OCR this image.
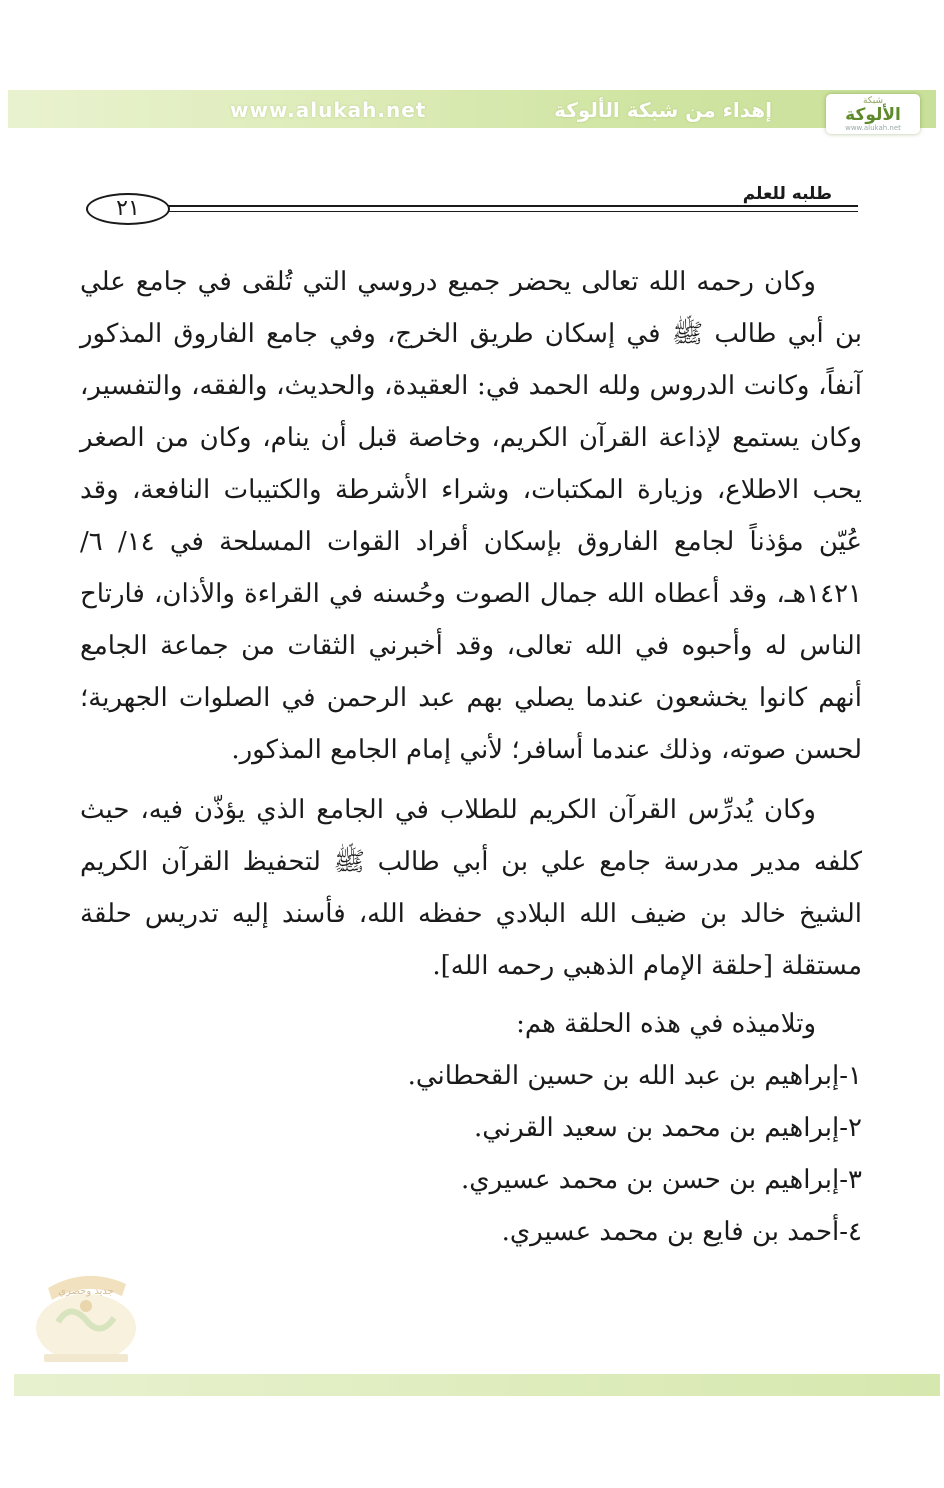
www.alukah.net	إهداء من شبكة الألوكة	شبكة
الألوكة
www.alukah.net
طلبه للعلم
٢١

وكان رحمه الله تعالى يحضر جميع دروسي التي تُلقى في جامع علي بن أبي طالب ﷺ في إسكان طريق الخرج، وفي جامع الفاروق المذكور آنفاً، وكانت الدروس ولله الحمد في: العقيدة، والحديث، والفقه، والتفسير، وكان يستمع لإذاعة القرآن الكريم، وخاصة قبل أن ينام، وكان من الصغر يحب الاطلاع، وزيارة المكتبات، وشراء الأشرطة والكتيبات النافعة، وقد عُيّن مؤذناً لجامع الفاروق بإسكان أفراد القوات المسلحة في ١٤/ ٦/ ١٤٢١هـ، وقد أعطاه الله جمال الصوت وحُسنه في القراءة والأذان، فارتاح الناس له وأحبوه في الله تعالى، وقد أخبرني الثقات من جماعة الجامع أنهم كانوا يخشعون عندما يصلي بهم عبد الرحمن في الصلوات الجهرية؛ لحسن صوته، وذلك عندما أسافر؛ لأني إمام الجامع المذكور.

وكان يُدرِّس القرآن الكريم للطلاب في الجامع الذي يؤذّن فيه، حيث كلفه مدير مدرسة جامع علي بن أبي طالب ﷺ لتحفيظ القرآن الكريم الشيخ خالد بن ضيف الله البلادي حفظه الله، فأسند إليه تدريس حلقة مستقلة [حلقة الإمام الذهبي رحمه الله].

وتلاميذه في هذه الحلقة هم:

١-إبراهيم بن عبد الله بن حسين القحطاني.
٢-إبراهيم بن محمد بن سعيد القرني.
٣-إبراهيم بن حسن بن محمد عسيري.
٤-أحمد بن فايع بن محمد عسيري.
جديد وحصري
